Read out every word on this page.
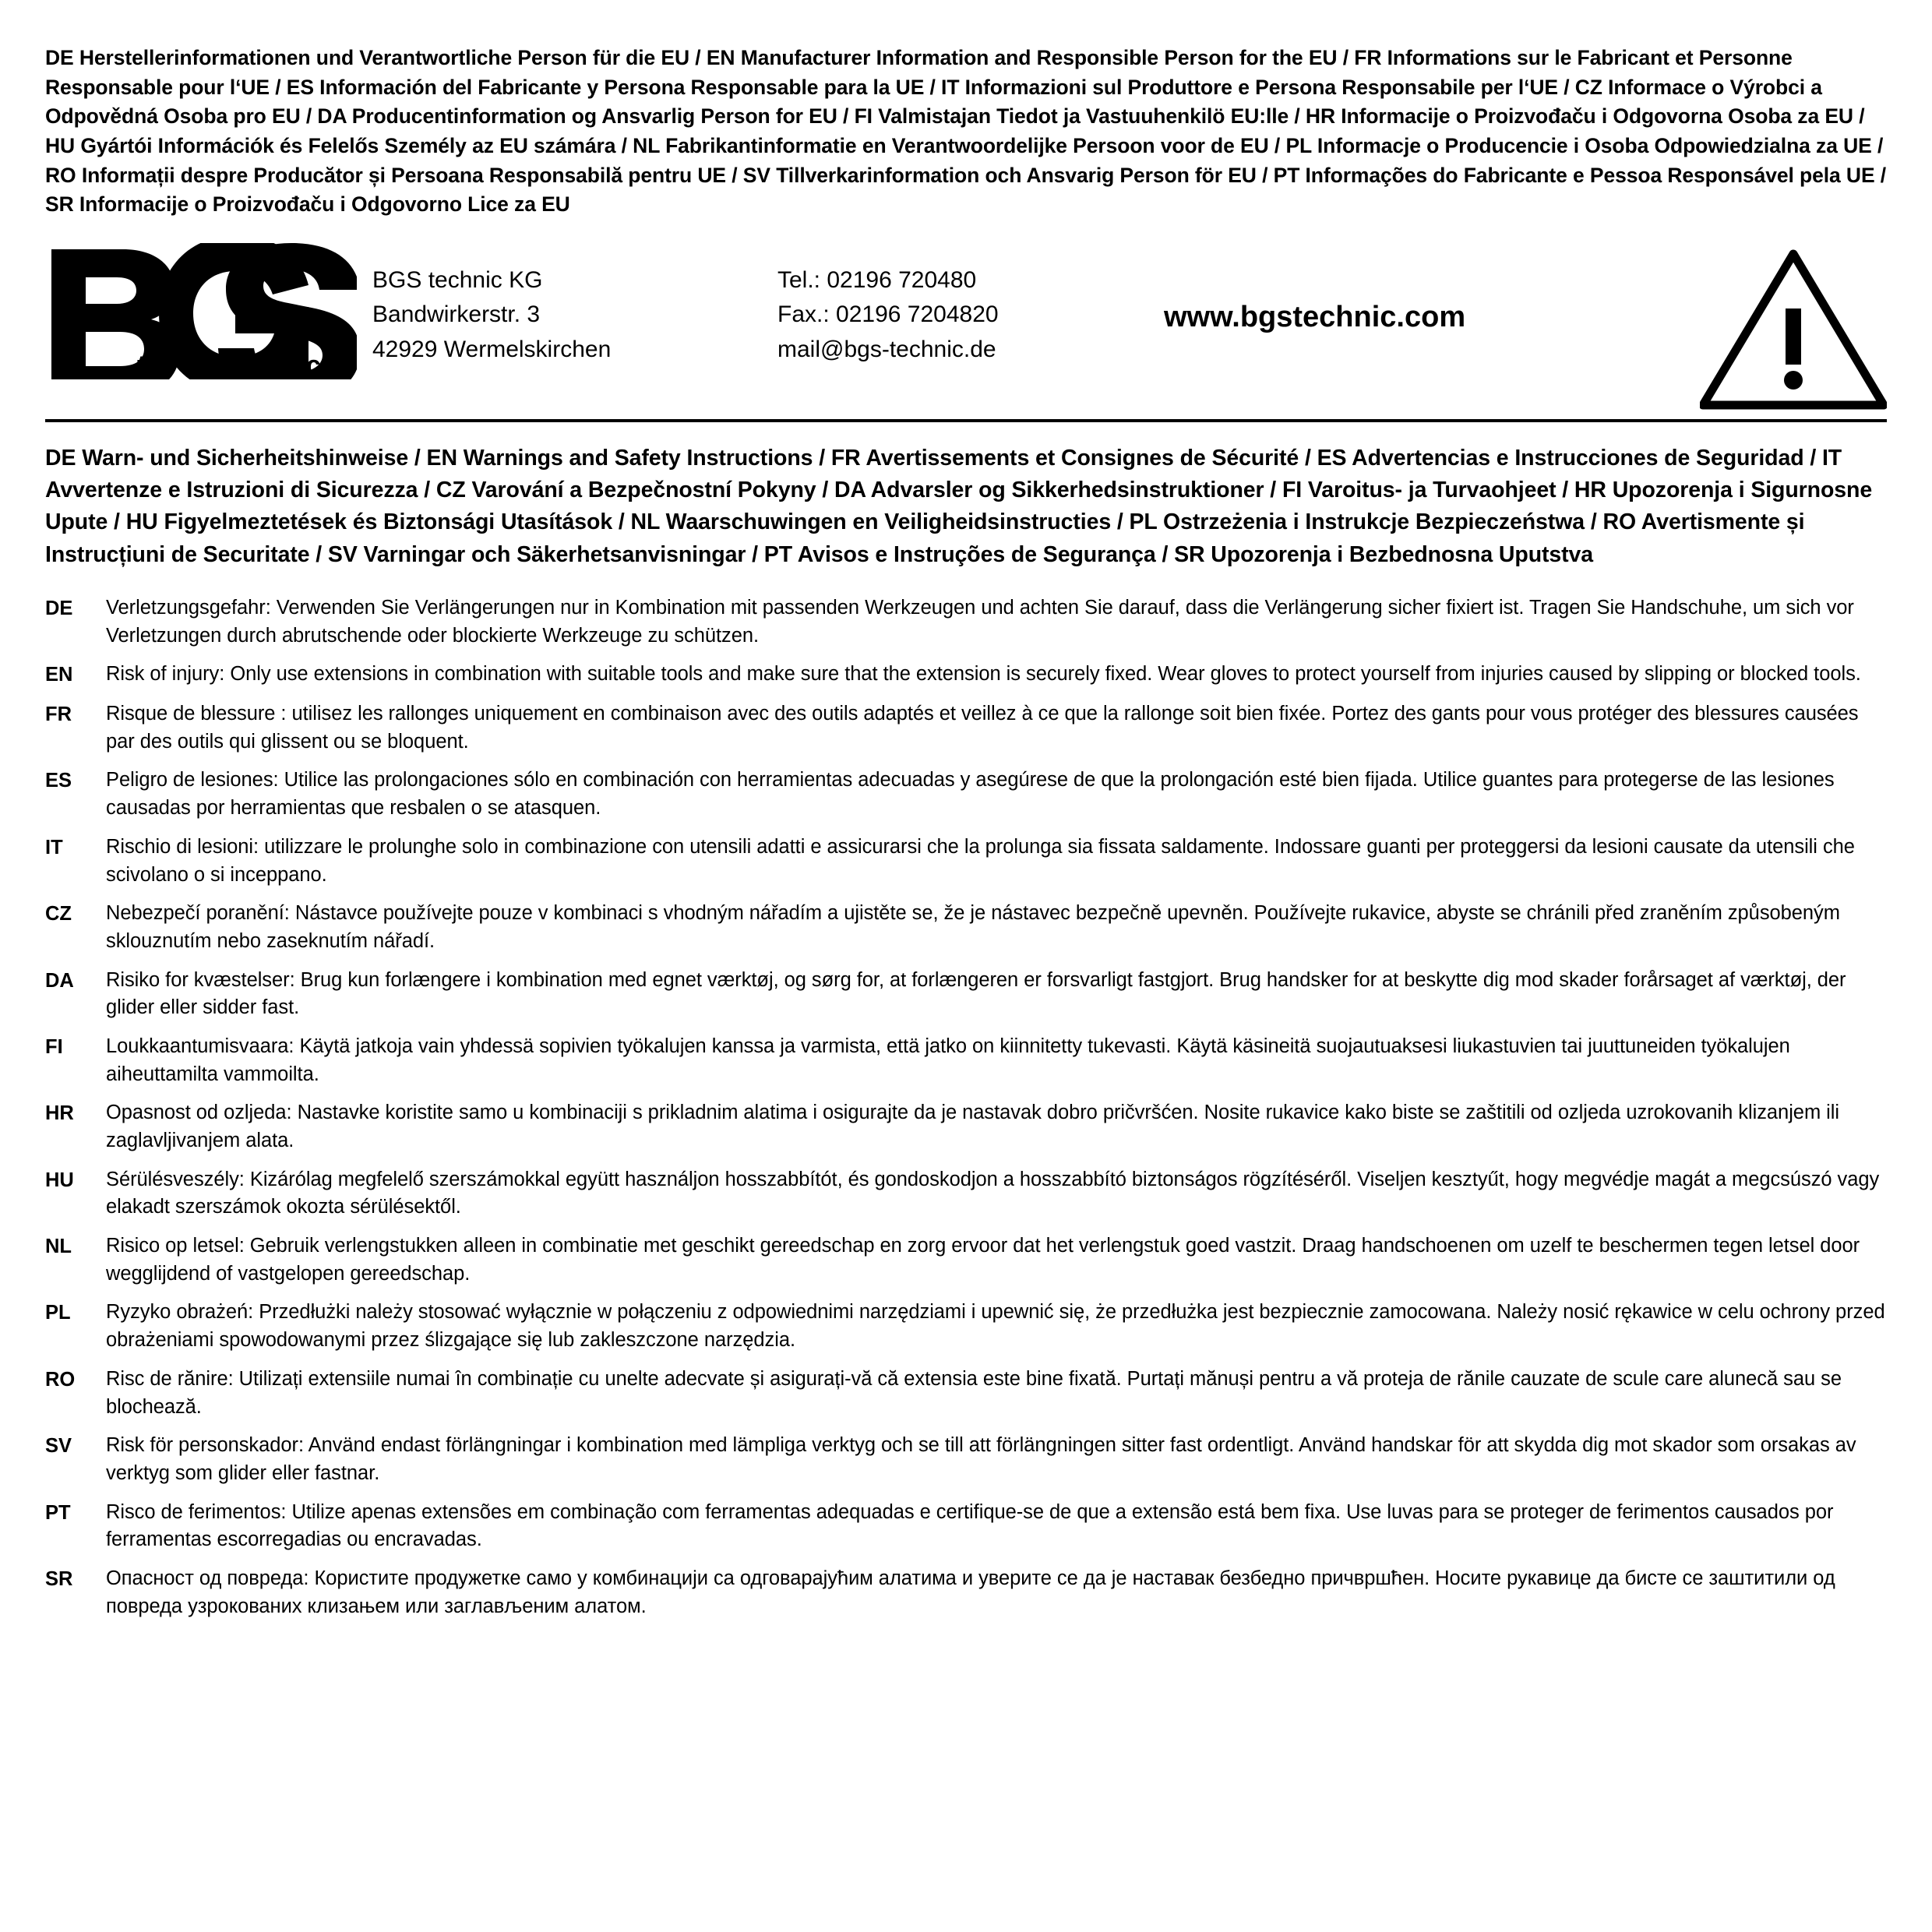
DE Herstellerinformationen und Verantwortliche Person für die EU / EN Manufacturer Information and Responsible Person for the EU / FR Informations sur le Fabricant et Personne Responsable pour l‘UE / ES Información del Fabricante y Persona Responsable para la UE / IT Informazioni sul Produttore e Persona Responsabile per l‘UE / CZ Informace o Výrobci a Odpovědná Osoba pro EU / DA Producentinformation og Ansvarlig Person for EU / FI Valmistajan Tiedot ja Vastuuhenkilö EU:lle / HR Informacije o Proizvođaču i Odgovorna Osoba za EU / HU Gyártói Információk és Felelős Személy az EU számára / NL Fabrikantinformatie en Verantwoordelijke Persoon voor de EU / PL Informacje o Producencie i Osoba Odpowiedzialna za UE / RO Informații despre Producător și Persoana Responsabilă pentru UE / SV Tillverkarinformation och Ansvarig Person för EU / PT Informações do Fabricante e Pessoa Responsável pela UE / SR Informacije o Proizvođaču i Odgovorno Lice za EU
®
t e c h n i c
BGS technic KG
Bandwirkerstr. 3
42929 Wermelskirchen
Tel.: 02196 720480
Fax.: 02196 7204820
mail@bgs-technic.de
www.bgstechnic.com
DE Warn- und Sicherheitshinweise / EN Warnings and Safety Instructions / FR Avertissements et Consignes de Sécurité / ES Advertencias e Instrucciones de Seguridad / IT Avvertenze e Istruzioni di Sicurezza / CZ Varování a Bezpečnostní Pokyny / DA Advarsler og Sikkerhedsinstruktioner / FI Varoitus- ja Turvaohjeet / HR Upozorenja i Sigurnosne Upute / HU Figyelmeztetések és Biztonsági Utasítások / NL Waarschuwingen en Veiligheidsinstructies / PL Ostrzeżenia i Instrukcje Bezpieczeństwa / RO Avertismente și Instrucțiuni de Securitate / SV Varningar och Säkerhetsanvisningar / PT Avisos e Instruções de Segurança / SR Upozorenja i Bezbednosna Uputstva
DE	Verletzungsgefahr: Verwenden Sie Verlängerungen nur in Kombination mit passenden Werkzeugen und achten Sie darauf, dass die Verlängerung sicher fixiert ist. Tragen Sie Handschuhe, um sich vor Verletzungen durch abrutschende oder blockierte Werkzeuge zu schützen.
EN	Risk of injury: Only use extensions in combination with suitable tools and make sure that the extension is securely fixed. Wear gloves to protect yourself from injuries caused by slipping or blocked tools.
FR	Risque de blessure : utilisez les rallonges uniquement en combinaison avec des outils adaptés et veillez à ce que la rallonge soit bien fixée. Portez des gants pour vous protéger des blessures causées par des outils qui glissent ou se bloquent.
ES	Peligro de lesiones: Utilice las prolongaciones sólo en combinación con herramientas adecuadas y asegúrese de que la prolongación esté bien fijada. Utilice guantes para protegerse de las lesiones causadas por herramientas que resbalen o se atasquen.
IT	Rischio di lesioni: utilizzare le prolunghe solo in combinazione con utensili adatti e assicurarsi che la prolunga sia fissata saldamente. Indossare guanti per proteggersi da lesioni causate da utensili che scivolano o si inceppano.
CZ	Nebezpečí poranění: Nástavce používejte pouze v kombinaci s vhodným nářadím a ujistěte se, že je nástavec bezpečně upevněn. Používejte rukavice, abyste se chránili před zraněním způsobeným sklouznutím nebo zaseknutím nářadí.
DA	Risiko for kvæstelser: Brug kun forlængere i kombination med egnet værktøj, og sørg for, at forlængeren er forsvarligt fastgjort. Brug handsker for at beskytte dig mod skader forårsaget af værktøj, der glider eller sidder fast.
FI	Loukkaantumisvaara: Käytä jatkoja vain yhdessä sopivien työkalujen kanssa ja varmista, että jatko on kiinnitetty tukevasti. Käytä käsineitä suojautuaksesi liukastuvien tai juuttuneiden työkalujen aiheuttamilta vammoilta.
HR	Opasnost od ozljeda: Nastavke koristite samo u kombinaciji s prikladnim alatima i osigurajte da je nastavak dobro pričvršćen. Nosite rukavice kako biste se zaštitili od ozljeda uzrokovanih klizanjem ili zaglavljivanjem alata.
HU	Sérülésveszély: Kizárólag megfelelő szerszámokkal együtt használjon hosszabbítót, és gondoskodjon a hosszabbító biztonságos rögzítéséről. Viseljen kesztyűt, hogy megvédje magát a megcsúszó vagy elakadt szerszámok okozta sérülésektől.
NL	Risico op letsel: Gebruik verlengstukken alleen in combinatie met geschikt gereedschap en zorg ervoor dat het verlengstuk goed vastzit. Draag handschoenen om uzelf te beschermen tegen letsel door wegglijdend of vastgelopen gereedschap.
PL	Ryzyko obrażeń: Przedłużki należy stosować wyłącznie w połączeniu z odpowiednimi narzędziami i upewnić się, że przedłużka jest bezpiecznie zamocowana. Należy nosić rękawice w celu ochrony przed obrażeniami spowodowanymi przez ślizgające się lub zakleszczone narzędzia.
RO	Risc de rănire: Utilizați extensiile numai în combinație cu unelte adecvate și asigurați-vă că extensia este bine fixată. Purtați mănuși pentru a vă proteja de rănile cauzate de scule care alunecă sau se blochează.
SV	Risk för personskador: Använd endast förlängningar i kombination med lämpliga verktyg och se till att förlängningen sitter fast ordentligt. Använd handskar för att skydda dig mot skador som orsakas av verktyg som glider eller fastnar.
PT	Risco de ferimentos: Utilize apenas extensões em combinação com ferramentas adequadas e certifique-se de que a extensão está bem fixa. Use luvas para se proteger de ferimentos causados por ferramentas escorregadias ou encravadas.
SR	Опасност од повреда: Користите продужетке само у комбинацији са одговарајућим алатима и уверите се да је наставак безбедно причвршћен. Носите рукавице да бисте се заштитили од повреда узрокованих клизањем или заглављеним алатом.
